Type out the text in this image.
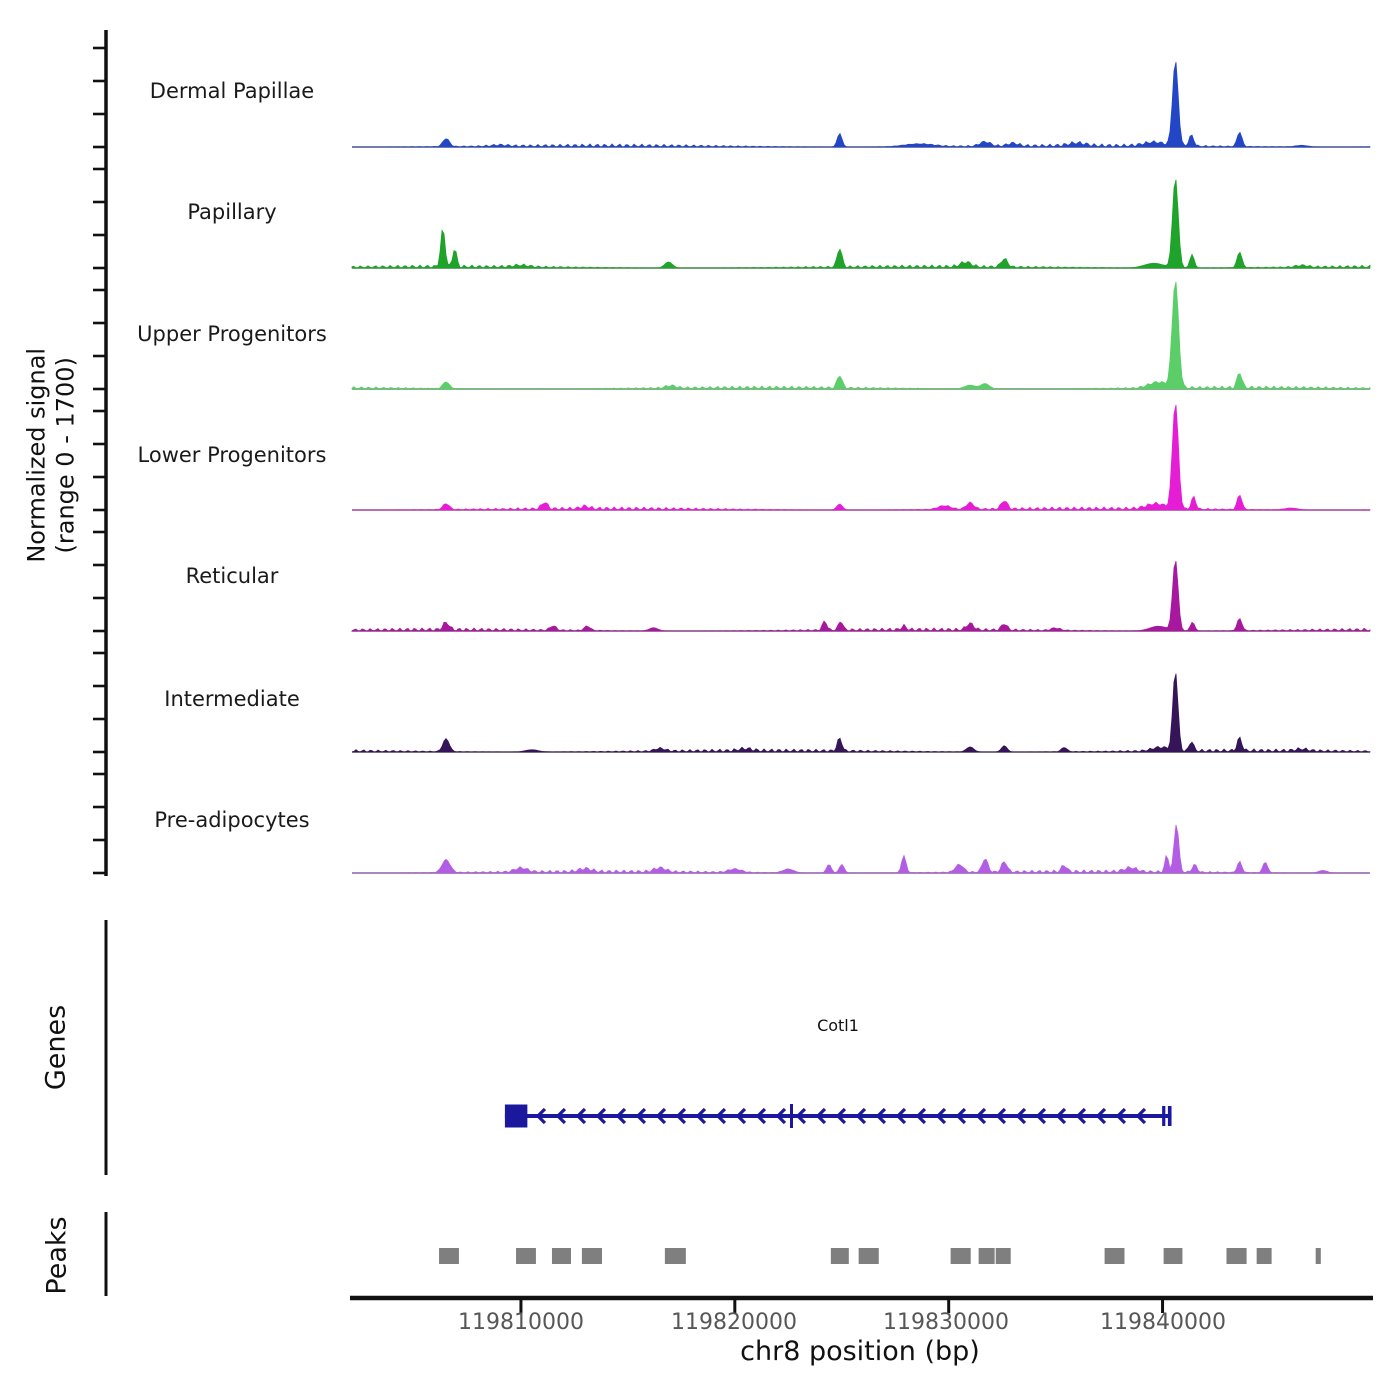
Normalized signal (range 0 - 1700)
Dermal Papillae
Papillary
Upper Progenitors
Lower Progenitors
Reticular
Intermediate
Pre-adipocytes
Genes
Peaks
Cotl1
119810000	119820000	119830000	119840000
chr8 position (bp)
